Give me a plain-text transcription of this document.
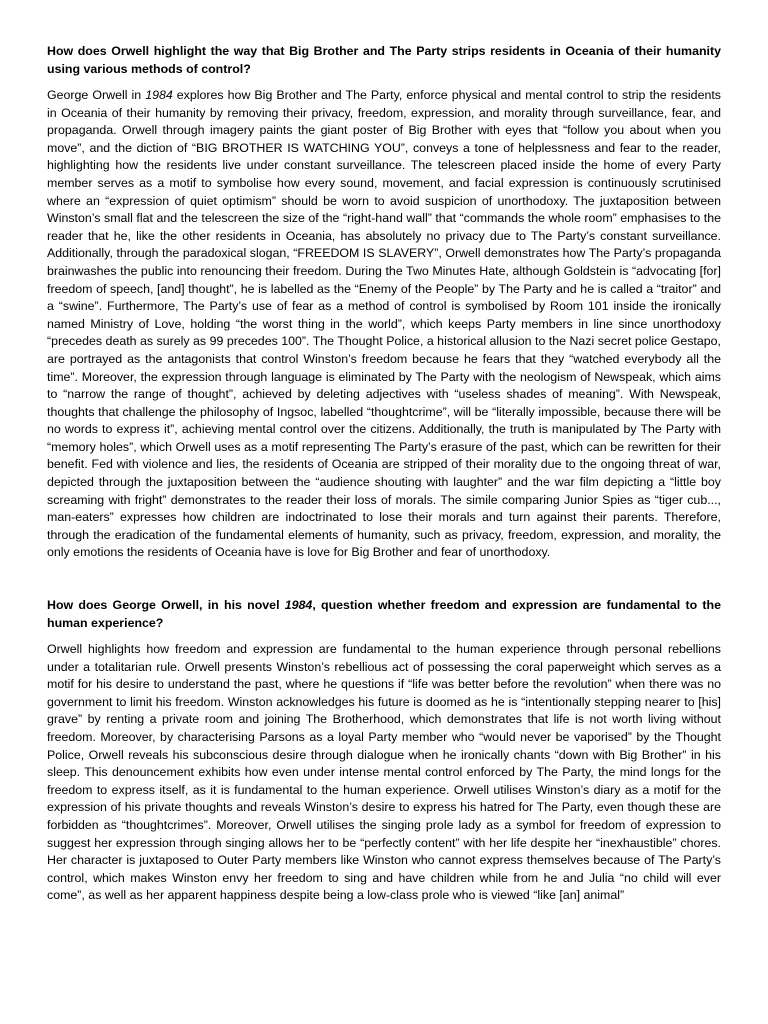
How does Orwell highlight the way that Big Brother and The Party strips residents in Oceania of their humanity using various methods of control?

George Orwell in 1984 explores how Big Brother and The Party, enforce physical and mental control to strip the residents in Oceania of their humanity by removing their privacy, freedom, expression, and morality through surveillance, fear, and propaganda. Orwell through imagery paints the giant poster of Big Brother with eyes that “follow you about when you move”, and the diction of “BIG BROTHER IS WATCHING YOU”, conveys a tone of helplessness and fear to the reader, highlighting how the residents live under constant surveillance. The telescreen placed inside the home of every Party member serves as a motif to symbolise how every sound, movement, and facial expression is continuously scrutinised where an “expression of quiet optimism” should be worn to avoid suspicion of unorthodoxy. The juxtaposition between Winston’s small flat and the telescreen the size of the “right-hand wall” that “commands the whole room” emphasises to the reader that he, like the other residents in Oceania, has absolutely no privacy due to The Party’s constant surveillance. Additionally, through the paradoxical slogan, “FREEDOM IS SLAVERY”, Orwell demonstrates how The Party’s propaganda brainwashes the public into renouncing their freedom. During the Two Minutes Hate, although Goldstein is “advocating [for] freedom of speech, [and] thought”, he is labelled as the “Enemy of the People” by The Party and he is called a “traitor” and a “swine”. Furthermore, The Party’s use of fear as a method of control is symbolised by Room 101 inside the ironically named Ministry of Love, holding “the worst thing in the world”, which keeps Party members in line since unorthodoxy “precedes death as surely as 99 precedes 100”. The Thought Police, a historical allusion to the Nazi secret police Gestapo, are portrayed as the antagonists that control Winston’s freedom because he fears that they “watched everybody all the time”. Moreover, the expression through language is eliminated by The Party with the neologism of Newspeak, which aims to “narrow the range of thought”, achieved by deleting adjectives with “useless shades of meaning”. With Newspeak, thoughts that challenge the philosophy of Ingsoc, labelled “thoughtcrime”, will be “literally impossible, because there will be no words to express it”, achieving mental control over the citizens. Additionally, the truth is manipulated by The Party with “memory holes”, which Orwell uses as a motif representing The Party’s erasure of the past, which can be rewritten for their benefit. Fed with violence and lies, the residents of Oceania are stripped of their morality due to the ongoing threat of war, depicted through the juxtaposition between the “audience shouting with laughter” and the war film depicting a “little boy screaming with fright” demonstrates to the reader their loss of morals. The simile comparing Junior Spies as “tiger cub..., man-eaters” expresses how children are indoctrinated to lose their morals and turn against their parents. Therefore, through the eradication of the fundamental elements of humanity, such as privacy, freedom, expression, and morality, the only emotions the residents of Oceania have is love for Big Brother and fear of unorthodoxy.

How does George Orwell, in his novel 1984, question whether freedom and expression are fundamental to the human experience?

Orwell highlights how freedom and expression are fundamental to the human experience through personal rebellions under a totalitarian rule. Orwell presents Winston’s rebellious act of possessing the coral paperweight which serves as a motif for his desire to understand the past, where he questions if “life was better before the revolution” when there was no government to limit his freedom. Winston acknowledges his future is doomed as he is “intentionally stepping nearer to [his] grave” by renting a private room and joining The Brotherhood, which demonstrates that life is not worth living without freedom. Moreover, by characterising Parsons as a loyal Party member who “would never be vaporised” by the Thought Police, Orwell reveals his subconscious desire through dialogue when he ironically chants “down with Big Brother” in his sleep. This denouncement exhibits how even under intense mental control enforced by The Party, the mind longs for the freedom to express itself, as it is fundamental to the human experience. Orwell utilises Winston’s diary as a motif for the expression of his private thoughts and reveals Winston’s desire to express his hatred for The Party, even though these are forbidden as “thoughtcrimes”. Moreover, Orwell utilises the singing prole lady as a symbol for freedom of expression to suggest her expression through singing allows her to be “perfectly content” with her life despite her “inexhaustible” chores. Her character is juxtaposed to Outer Party members like Winston who cannot express themselves because of The Party’s control, which makes Winston envy her freedom to sing and have children while from he and Julia “no child will ever come”, as well as her apparent happiness despite being a low-class prole who is viewed “like [an] animal”
